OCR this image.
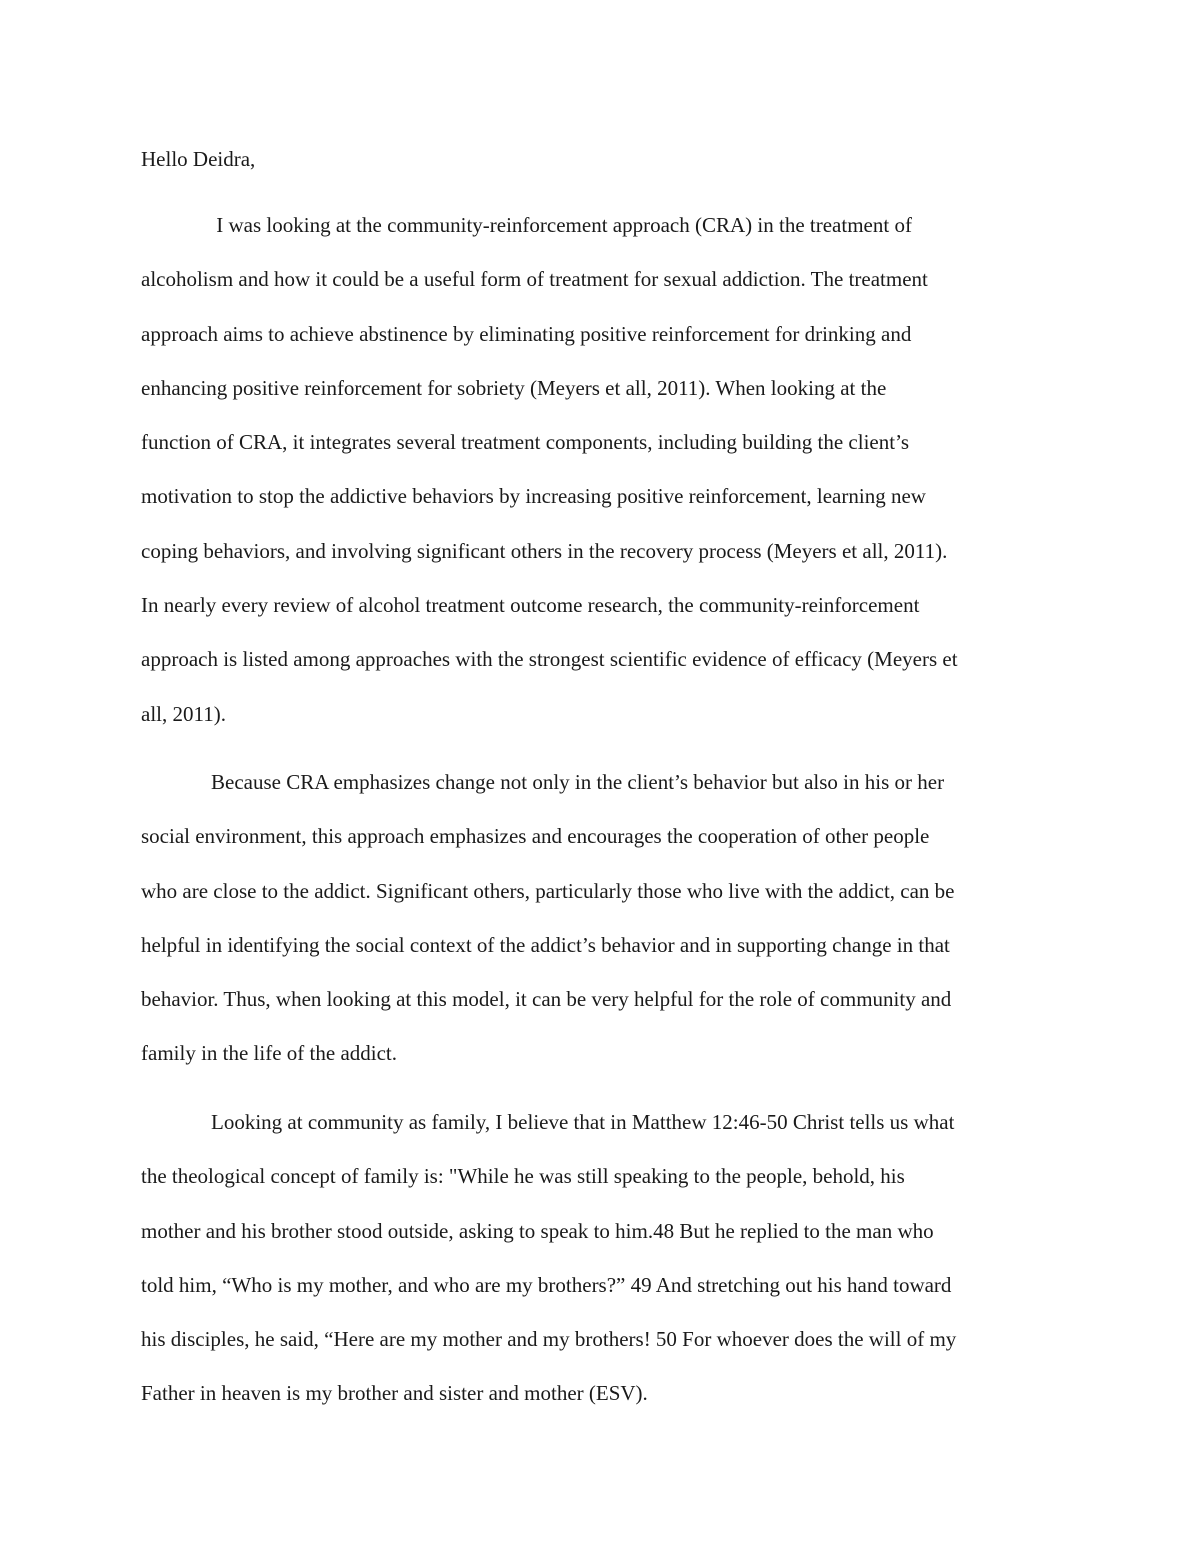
Hello Deidra,
I was looking at the community-reinforcement approach (CRA) in the treatment of
alcoholism and how it could be a useful form of treatment for sexual addiction. The treatment
approach aims to achieve abstinence by eliminating positive reinforcement for drinking and
enhancing positive reinforcement for sobriety (Meyers et all, 2011). When looking at the
function of CRA, it integrates several treatment components, including building the client’s
motivation to stop the addictive behaviors by increasing positive reinforcement, learning new
coping behaviors, and involving significant others in the recovery process (Meyers et all, 2011).
In nearly every review of alcohol treatment outcome research, the community-reinforcement
approach is listed among approaches with the strongest scientific evidence of efficacy (Meyers et
all, 2011).
Because CRA emphasizes change not only in the client’s behavior but also in his or her
social environment, this approach emphasizes and encourages the cooperation of other people
who are close to the addict. Significant others, particularly those who live with the addict, can be
helpful in identifying the social context of the addict’s behavior and in supporting change in that
behavior. Thus, when looking at this model, it can be very helpful for the role of community and
family in the life of the addict.
Looking at community as family, I believe that in Matthew 12:46-50 Christ tells us what
the theological concept of family is: "While he was still speaking to the people, behold, his
mother and his brother stood outside, asking to speak to him.48 But he replied to the man who
told him, “Who is my mother, and who are my brothers?” 49 And stretching out his hand toward
his disciples, he said, “Here are my mother and my brothers! 50 For whoever does the will of my
Father in heaven is my brother and sister and mother (ESV).
